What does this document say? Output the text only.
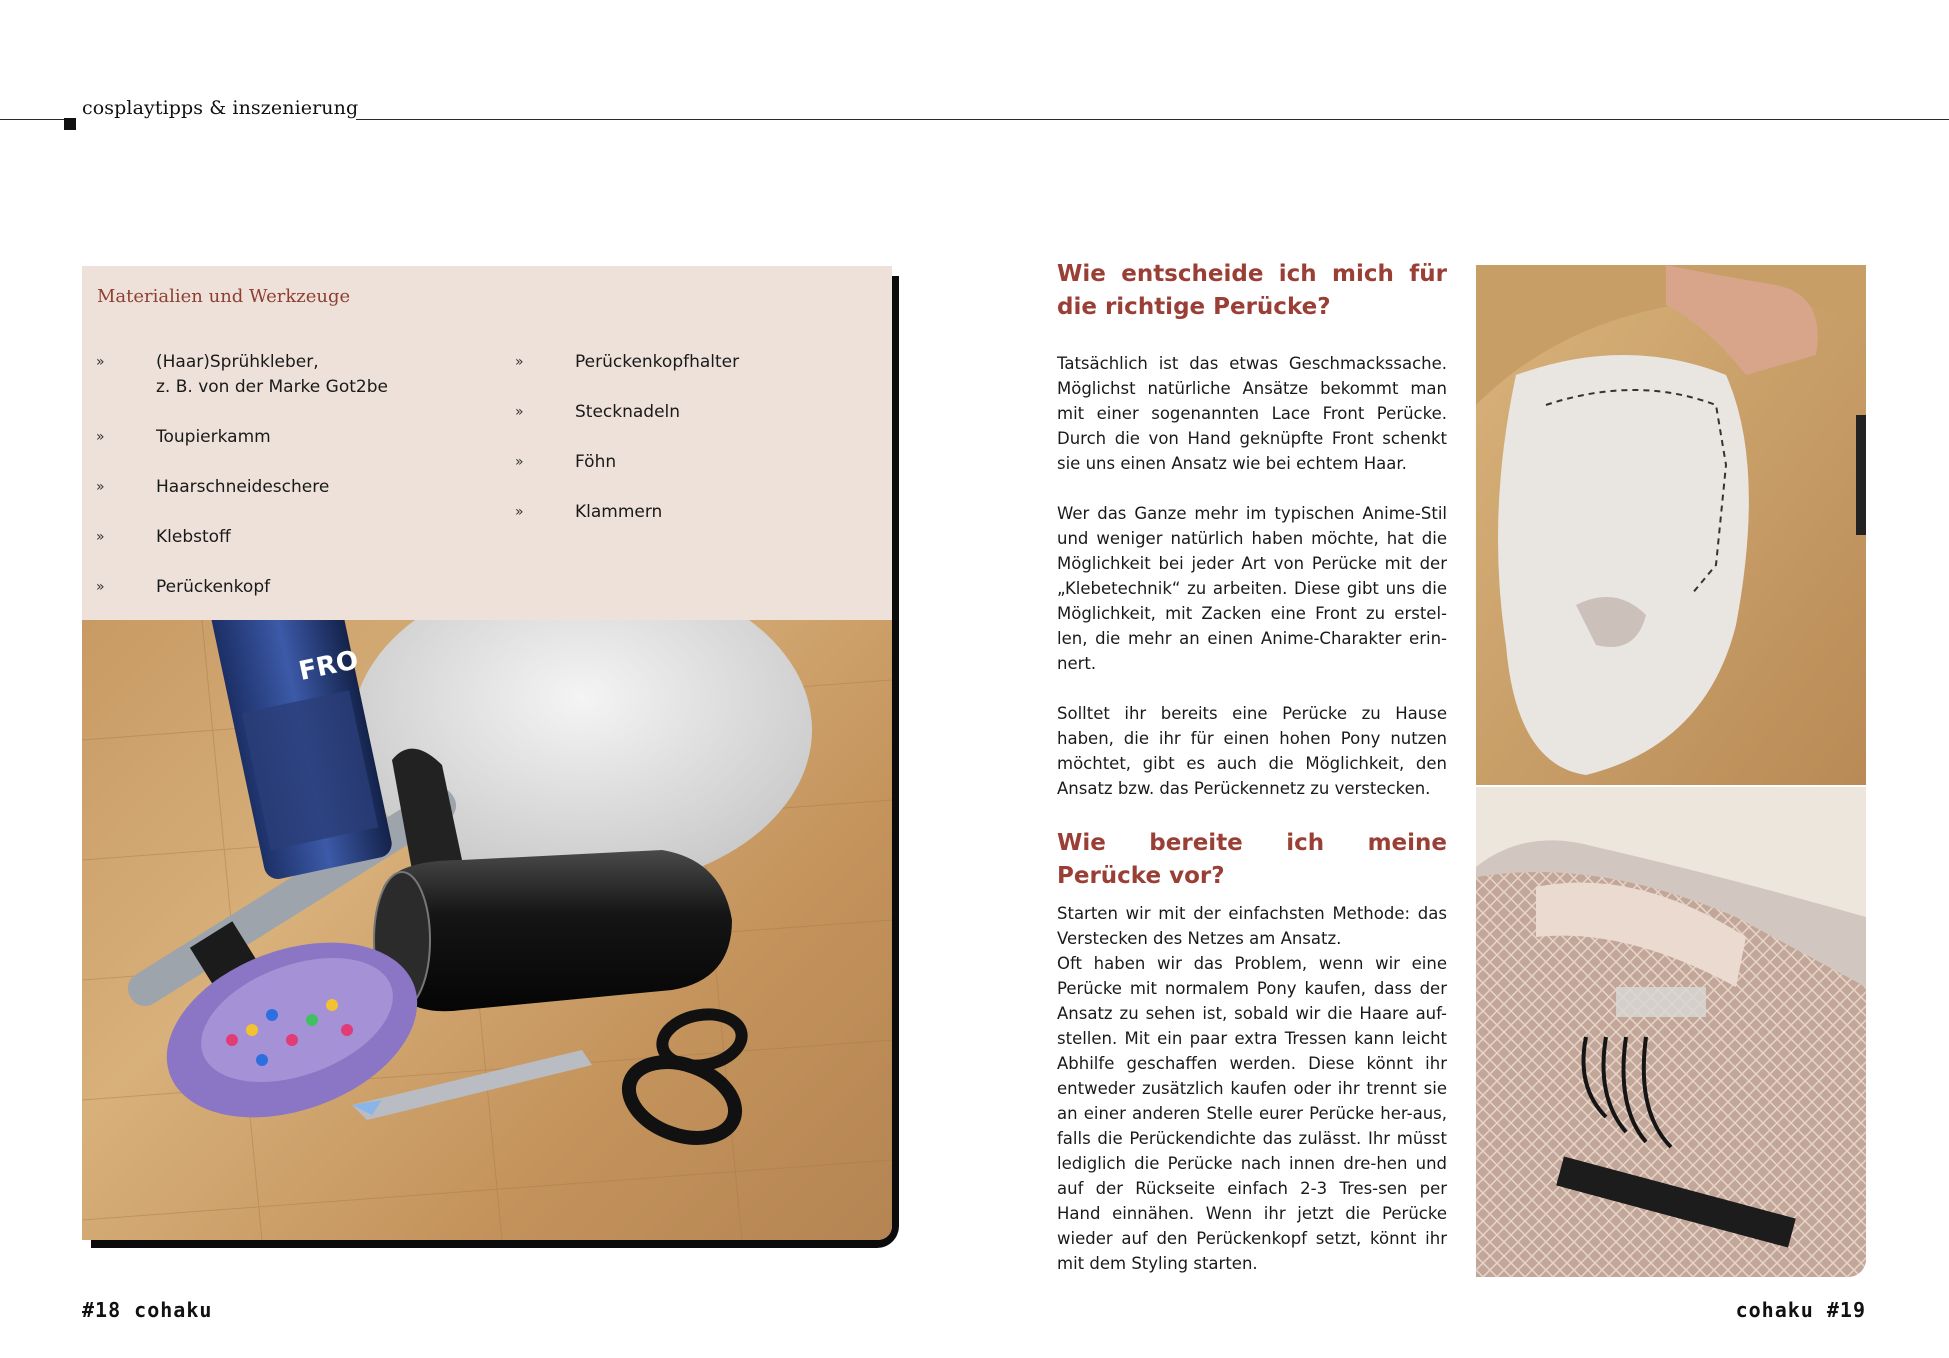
cosplaytipps & inszenierung
Materialien und Werkzeuge
»	(Haar)Sprühkleber,
z. B. von der Marke Got2be
»	Toupierkamm
»	Haarschneideschere
»	Klebstoff
»	Perückenkopf
»	Perückenkopfhalter
»	Stecknadeln
»	Föhn
»	Klammern
FRO
Wie entscheide ich mich für die richtige Perücke?

Tatsächlich ist das etwas Geschmackssache. Möglichst natürliche Ansätze bekommt man mit einer sogenannten Lace Front Perücke. Durch die von Hand geknüpfte Front schenkt sie uns einen Ansatz wie bei echtem Haar.

Wer das Ganze mehr im typischen Anime-Stil und weniger natürlich haben möchte, hat die Möglichkeit bei jeder Art von Perücke mit der „Klebetechnik“ zu arbeiten. Diese gibt uns die Möglichkeit, mit Zacken eine Front zu erstel-len, die mehr an einen Anime-Charakter erin-nert.

Solltet ihr bereits eine Perücke zu Hause haben, die ihr für einen hohen Pony nutzen möchtet, gibt es auch die Möglichkeit, den Ansatz bzw. das Perückennetz zu verstecken.

Wie bereite ich meine Perücke vor?

Starten wir mit der einfachsten Methode: das Verstecken des Netzes am Ansatz.

Oft haben wir das Problem, wenn wir eine Perücke mit normalem Pony kaufen, dass der Ansatz zu sehen ist, sobald wir die Haare auf-stellen. Mit ein paar extra Tressen kann leicht Abhilfe geschaffen werden. Diese könnt ihr entweder zusätzlich kaufen oder ihr trennt sie an einer anderen Stelle eurer Perücke her-aus, falls die Perückendichte das zulässt. Ihr müsst lediglich die Perücke nach innen dre-hen und auf der Rückseite einfach 2-3 Tres-sen per Hand einnähen. Wenn ihr jetzt die Perücke wieder auf den Perückenkopf setzt, könnt ihr mit dem Styling starten.

#18 cohaku	cohaku #19
